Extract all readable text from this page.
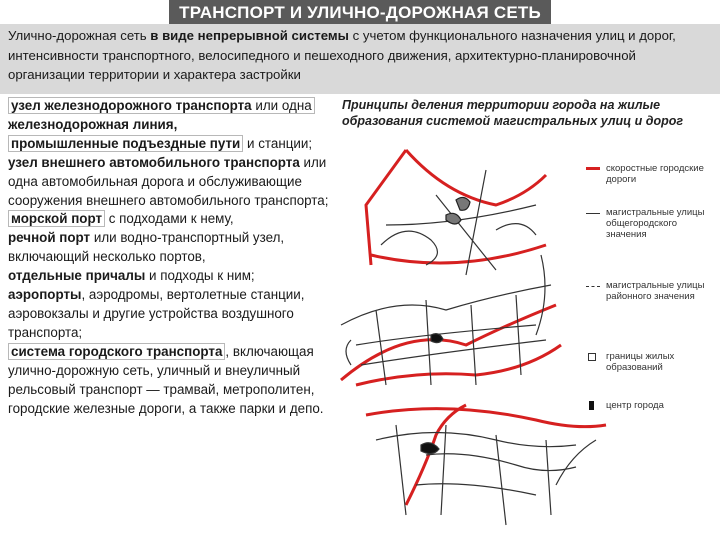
ТРАНСПОРТ И УЛИЧНО-ДОРОЖНАЯ СЕТЬ
Улично-дорожная сеть в виде непрерывной системы с учетом функционального назначения улиц и дорог, интенсивности транспортного, велосипедного и пешеходного движения, архитектурно-планировочной организации территории и характера застройки
узел железнодорожного транспорта или одна железнодорожная линия,
промышленные подъездные пути и станции;
узел внешнего автомобильного транспорта или одна автомобильная дорога и обслуживающие сооружения внешнего автомобильного транспорта;
морской порт с подходами к нему,
речной порт или водно-транспортный узел, включающий несколько портов,
отдельные причалы и подходы к ним;
аэропорты, аэродромы, вертолетные станции, аэровокзалы и другие устройства воздушного транспорта;
система городского транспорта , включающая улично-дорожную сеть, уличный и внеуличный рельсовый транспорт — трамвай, метрополитен, городские железные дороги, а также парки и депо.
Принципы деления территории города на жилые
образования системой магистральных улиц и дорог
скоростные городские дороги
магистральные улицы общегородского значения
магистральные улицы районного значения
границы жилых образований
центр города
